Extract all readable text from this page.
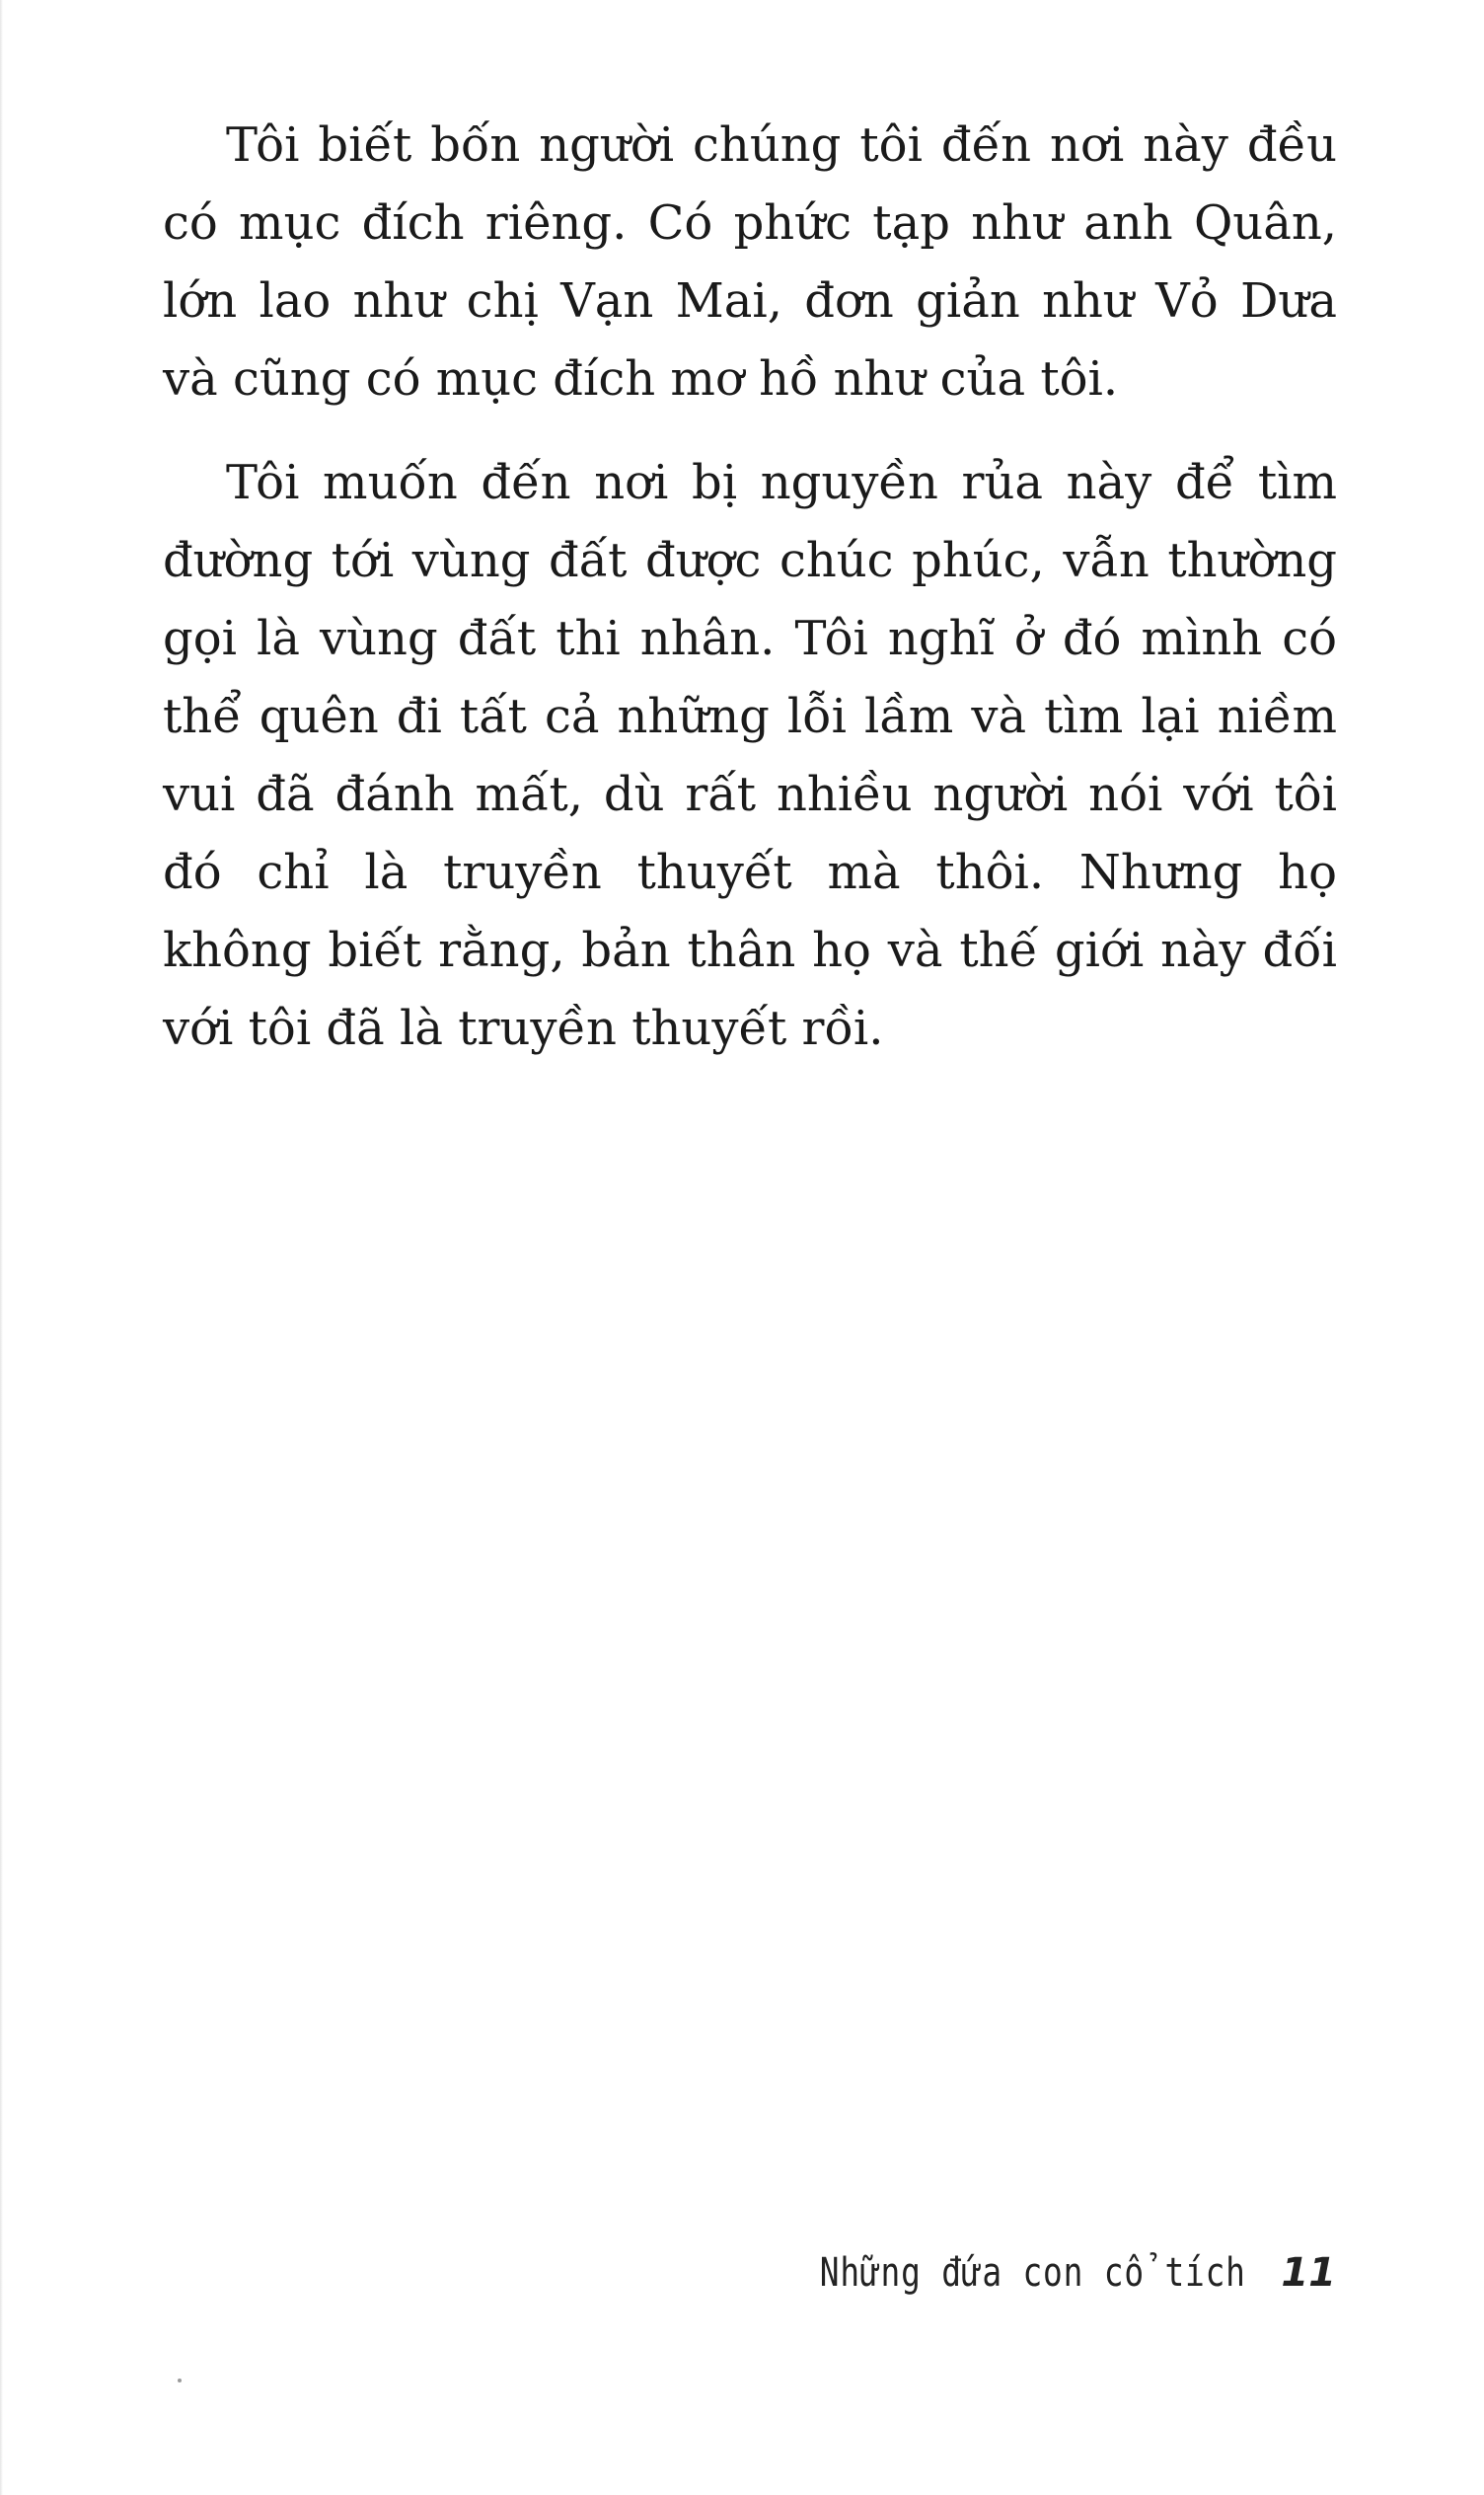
Tôi biết bốn người chúng tôi đến nơi này đều có mục đích riêng. Có phức tạp như anh Quân, lớn lao như chị Vạn Mai, đơn giản như Vỏ Dưa và cũng có mục đích mơ hồ như của tôi.

Tôi muốn đến nơi bị nguyền rủa này để tìm đường tới vùng đất được chúc phúc, vẫn thường gọi là vùng đất thi nhân. Tôi nghĩ ở đó mình có thể quên đi tất cả những lỗi lầm và tìm lại niềm vui đã đánh mất, dù rất nhiều người nói với tôi đó chỉ là truyền thuyết mà thôi. Nhưng họ không biết rằng, bản thân họ và thế giới này đối với tôi đã là truyền thuyết rồi.

Những đứa con cổ tích 11
